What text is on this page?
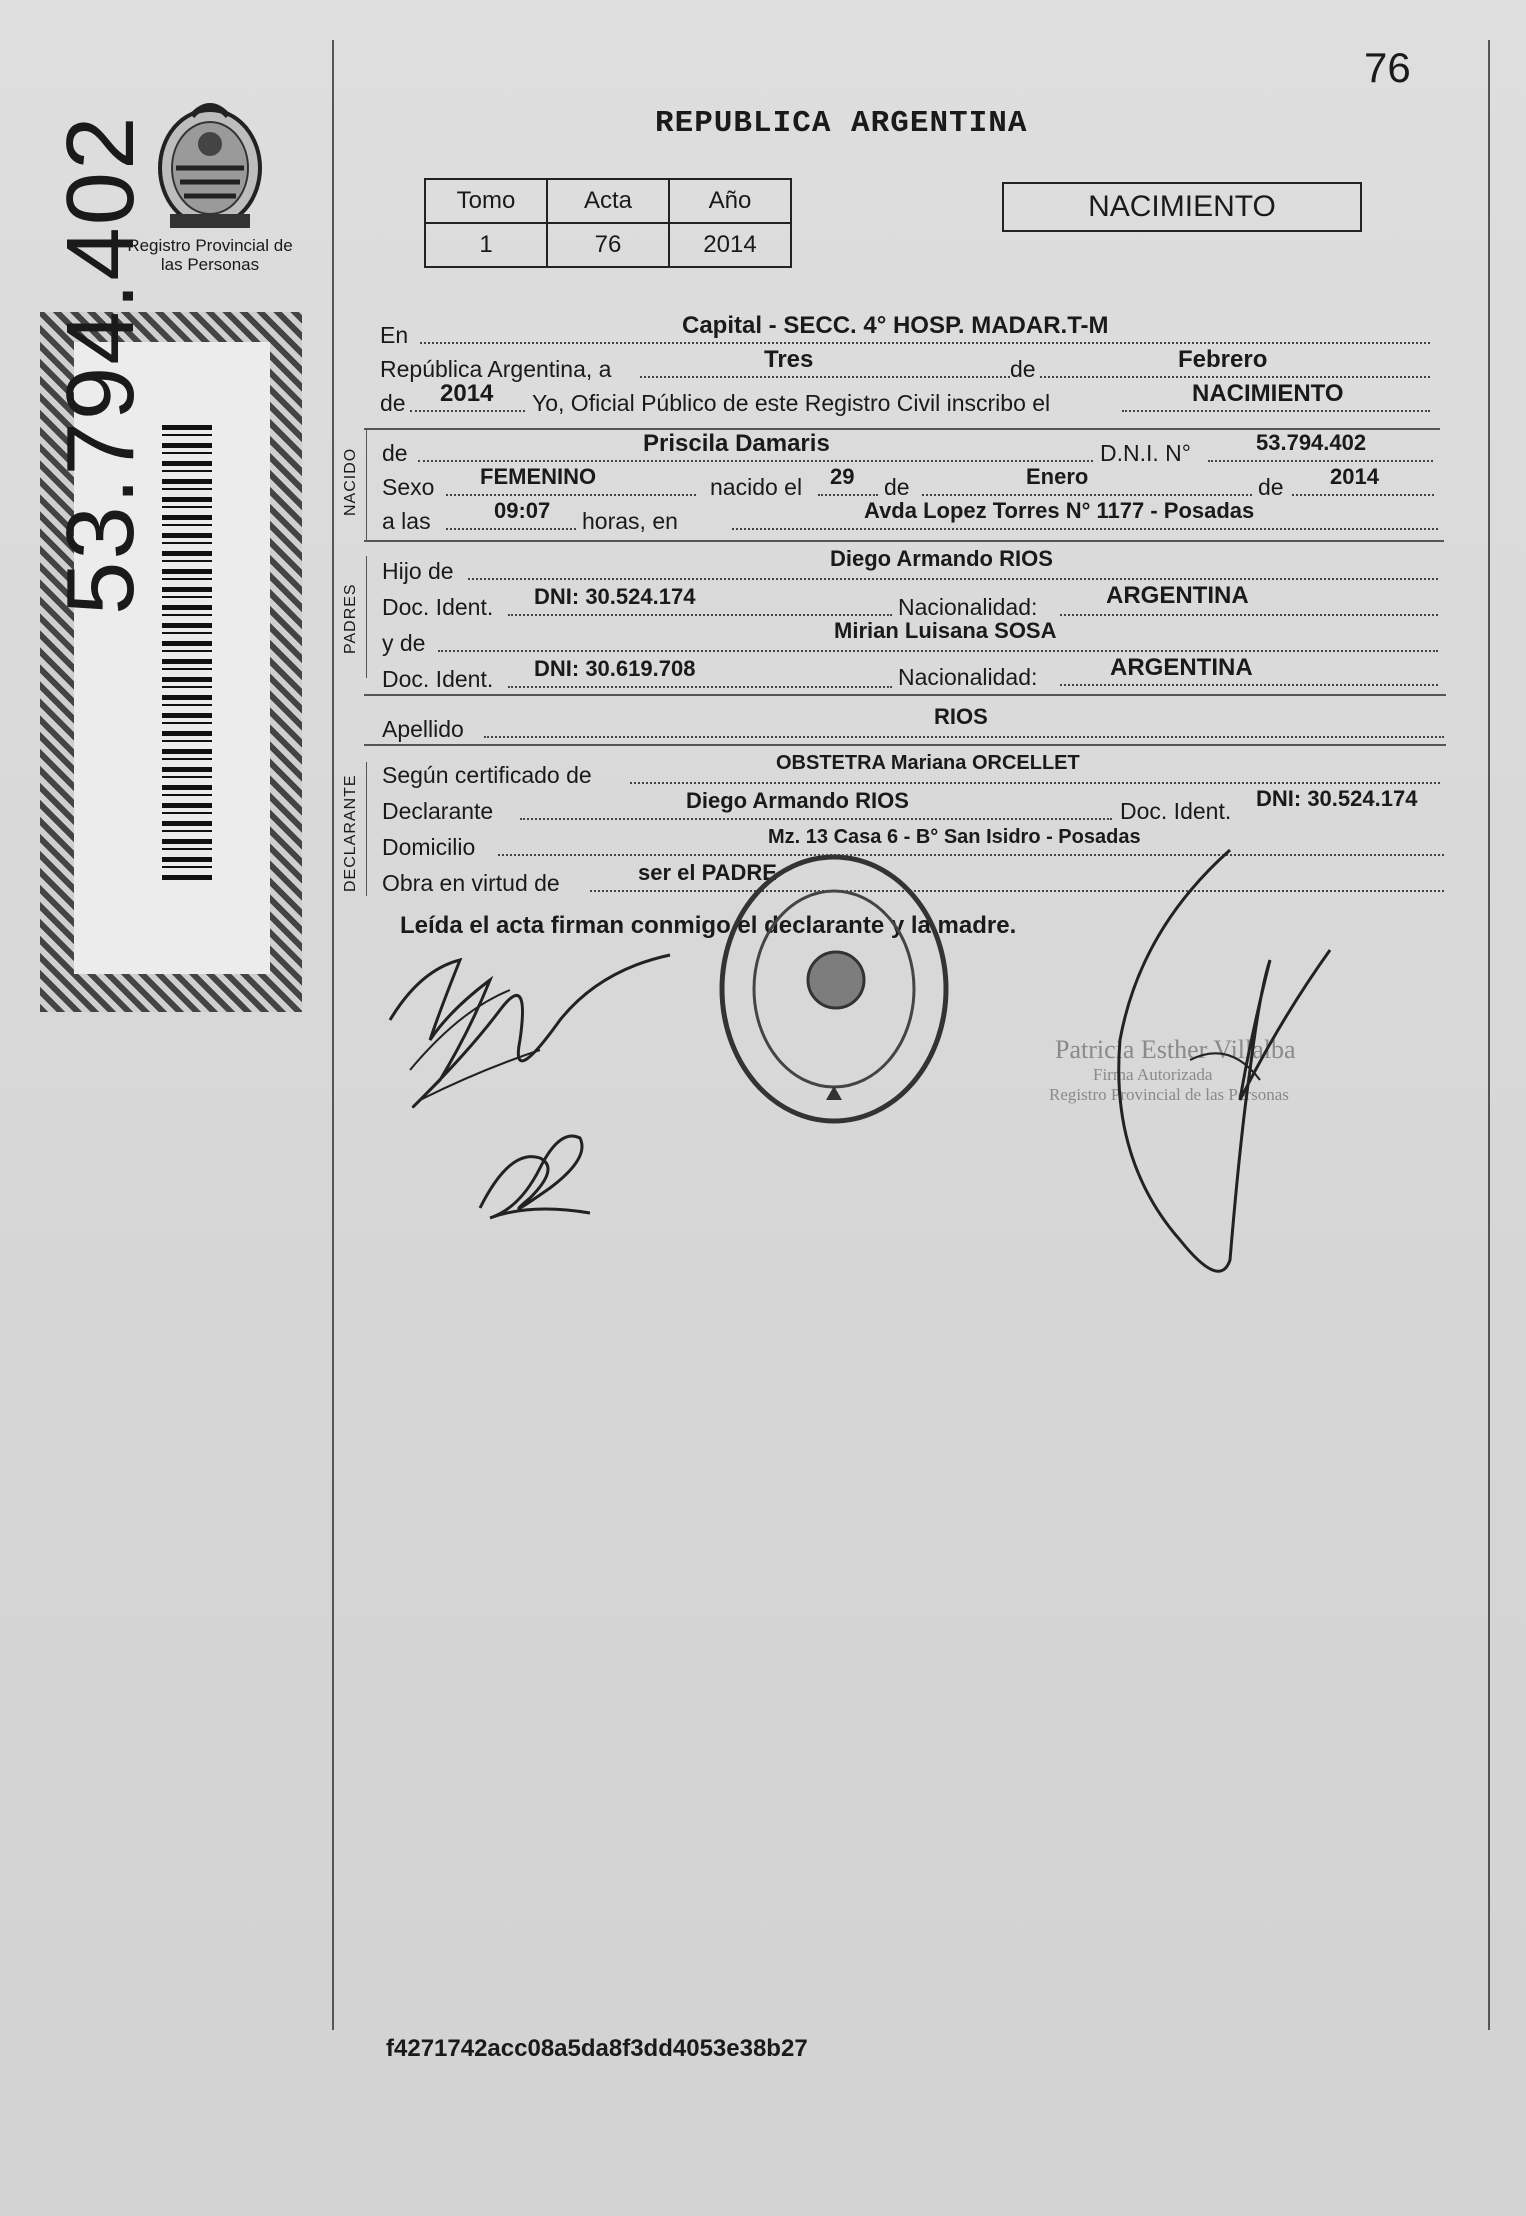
76
REPUBLICA ARGENTINA
Registro Provincial de las Personas
53.794.402	Tomo	Acta	Año
1	76	2014
NACIMIENTO
En	Capital - SECC. 4° HOSP. MADAR.T-M
República Argentina, a	Tres	de	Febrero
de 2014 Yo, Oficial Público de este Registro Civil inscribo el	NACIMIENTO
NACIDO de	Priscila Damaris	D.N.I. N°	53.794.402
Sexo FEMENINO	nacido el 29 de	Enero	de 2014
a las	09:07 horas, en	Avda Lopez Torres N° 1177 - Posadas
PADRES
Hijo de	Diego Armando RIOS
Doc. Ident. DNI: 30.524.174	Nacionalidad:	ARGENTINA
y de	Mirian Luisana SOSA
Doc. Ident. DNI: 30.619.708	Nacionalidad:	ARGENTINA
Apellido	RIOS
DECLARANTE Según certificado de	OBSTETRA Mariana ORCELLET
Declarante	Diego Armando RIOS	Doc. Ident. DNI: 30.524.174
Domicilio	Mz. 13 Casa 6 - B° San Isidro - Posadas
Obra en virtud de	ser el PADRE
Leída el acta firman conmigo el declarante y la madre.
Patricia Esther Villalba
Firma Autorizada
Registro Provincial de las Personas
f4271742acc08a5da8f3dd4053e38b27
